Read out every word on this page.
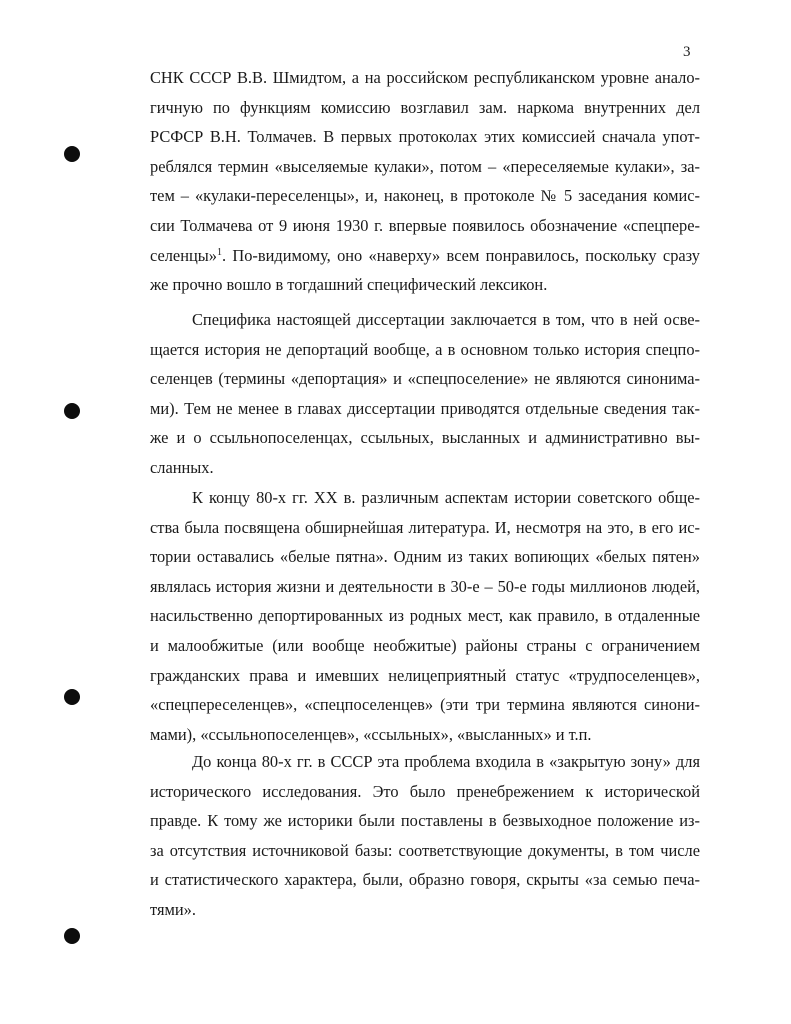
3
СНК СССР В.В. Шмидтом, а на российском республиканском уровне анало-
гичную по функциям комиссию возглавил зам. наркома внутренних дел
РСФСР В.Н. Толмачев. В первых протоколах этих комиссией сначала упот-
реблялся термин «выселяемые кулаки», потом – «переселяемые кулаки», за-
тем – «кулаки-переселенцы», и, наконец, в протоколе № 5 заседания комис-
сии Толмачева от 9 июня 1930 г. впервые появилось обозначение «спецпере-
селенцы»$^1$. По-видимому, оно «наверху» всем понравилось, поскольку сразу
же прочно вошло в тогдашний специфический лексикон.
Специфика настоящей диссертации заключается в том, что в ней осве-
щается история не депортаций вообще, а в основном только история спецпо-
селенцев (термины «депортация» и «спецпоселение» не являются синонима-
ми). Тем не менее в главах диссертации приводятся отдельные сведения так-
же и о ссыльнопоселенцах, ссыльных, высланных и административно вы-
сланных.
К концу 80-х гг. XX в. различным аспектам истории советского обще-
ства была посвящена обширнейшая литература. И, несмотря на это, в его ис-
тории оставались «белые пятна». Одним из таких вопиющих «белых пятен»
являлась история жизни и деятельности в 30-е – 50-е годы миллионов людей,
насильственно депортированных из родных мест, как правило, в отдаленные
и малообжитые (или вообще необжитые) районы страны с ограничением
гражданских права и имевших нелицеприятный статус «трудпоселенцев»,
«спецпереселенцев», «спецпоселенцев» (эти три термина являются синони-
мами), «ссыльнопоселенцев», «ссыльных», «высланных» и т.п.
До конца 80-х гг. в СССР эта проблема входила в «закрытую зону» для
исторического исследования. Это было пренебрежением к исторической
правде. К тому же историки были поставлены в безвыходное положение из-
за отсутствия источниковой базы: соответствующие документы, в том числе
и статистического характера, были, образно говоря, скрыты «за семью печа-
тями».
